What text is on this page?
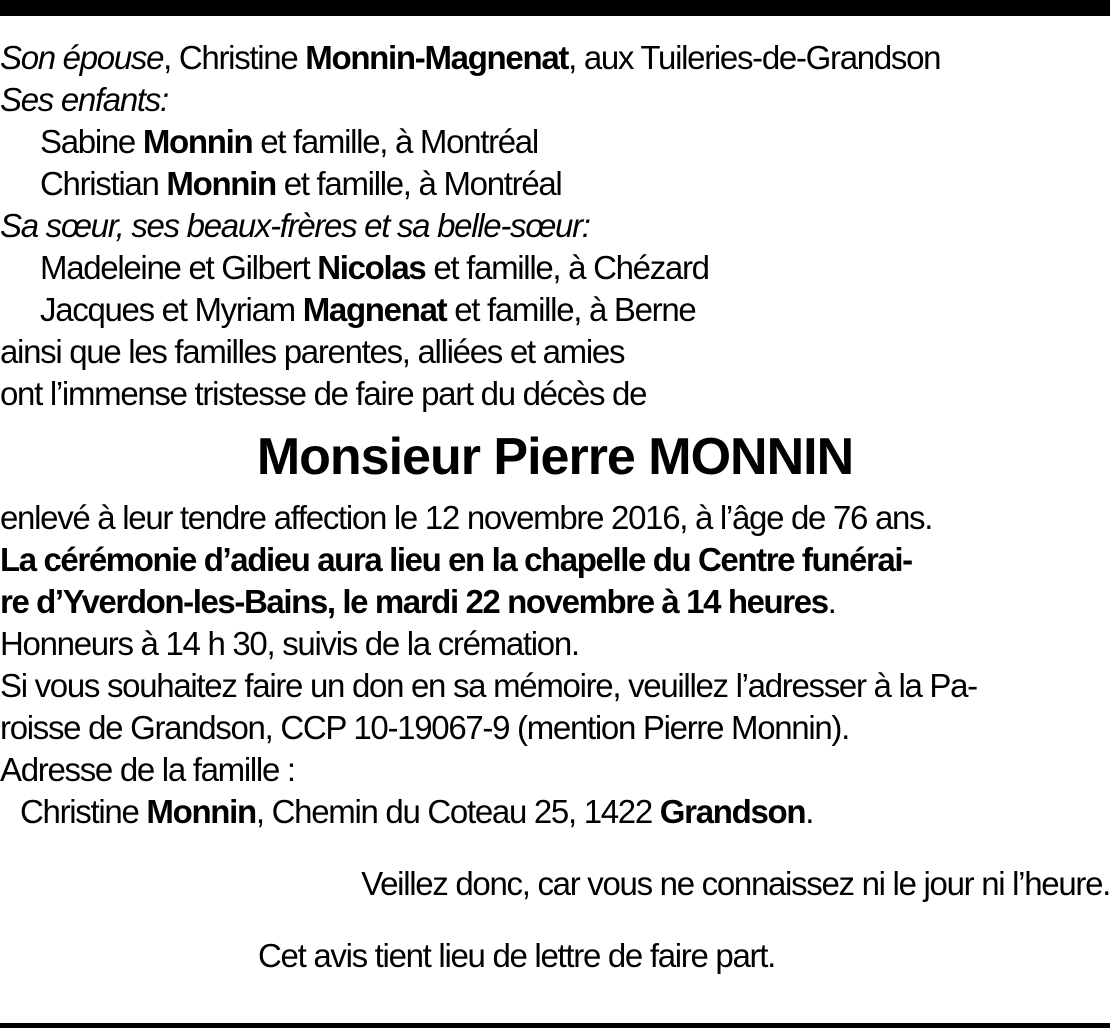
Son épouse, Christine Monnin-Magnenat, aux Tuileries-de-Grandson
Ses enfants:
Sabine Monnin et famille, à Montréal
Christian Monnin et famille, à Montréal
Sa sœur, ses beaux-frères et sa belle-sœur:
Madeleine et Gilbert Nicolas et famille, à Chézard
Jacques et Myriam Magnenat et famille, à Berne
ainsi que les familles parentes, alliées et amies
ont l’immense tristesse de faire part du décès de
Monsieur Pierre MONNIN
enlevé à leur tendre affection le 12 novembre 2016, à l’âge de 76 ans.
La cérémonie d’adieu aura lieu en la chapelle du Centre funérai-
re d’Yverdon-les-Bains, le mardi 22 novembre à 14 heures.
Honneurs à 14 h 30, suivis de la crémation.
Si vous souhaitez faire un don en sa mémoire, veuillez l’adresser à la Pa-
roisse de Grandson, CCP 10-19067-9 (mention Pierre Monnin).
Adresse de la famille :
Christine Monnin, Chemin du Coteau 25, 1422 Grandson.
Veillez donc, car vous ne connaissez ni le jour ni l’heure.
Cet avis tient lieu de lettre de faire part.
